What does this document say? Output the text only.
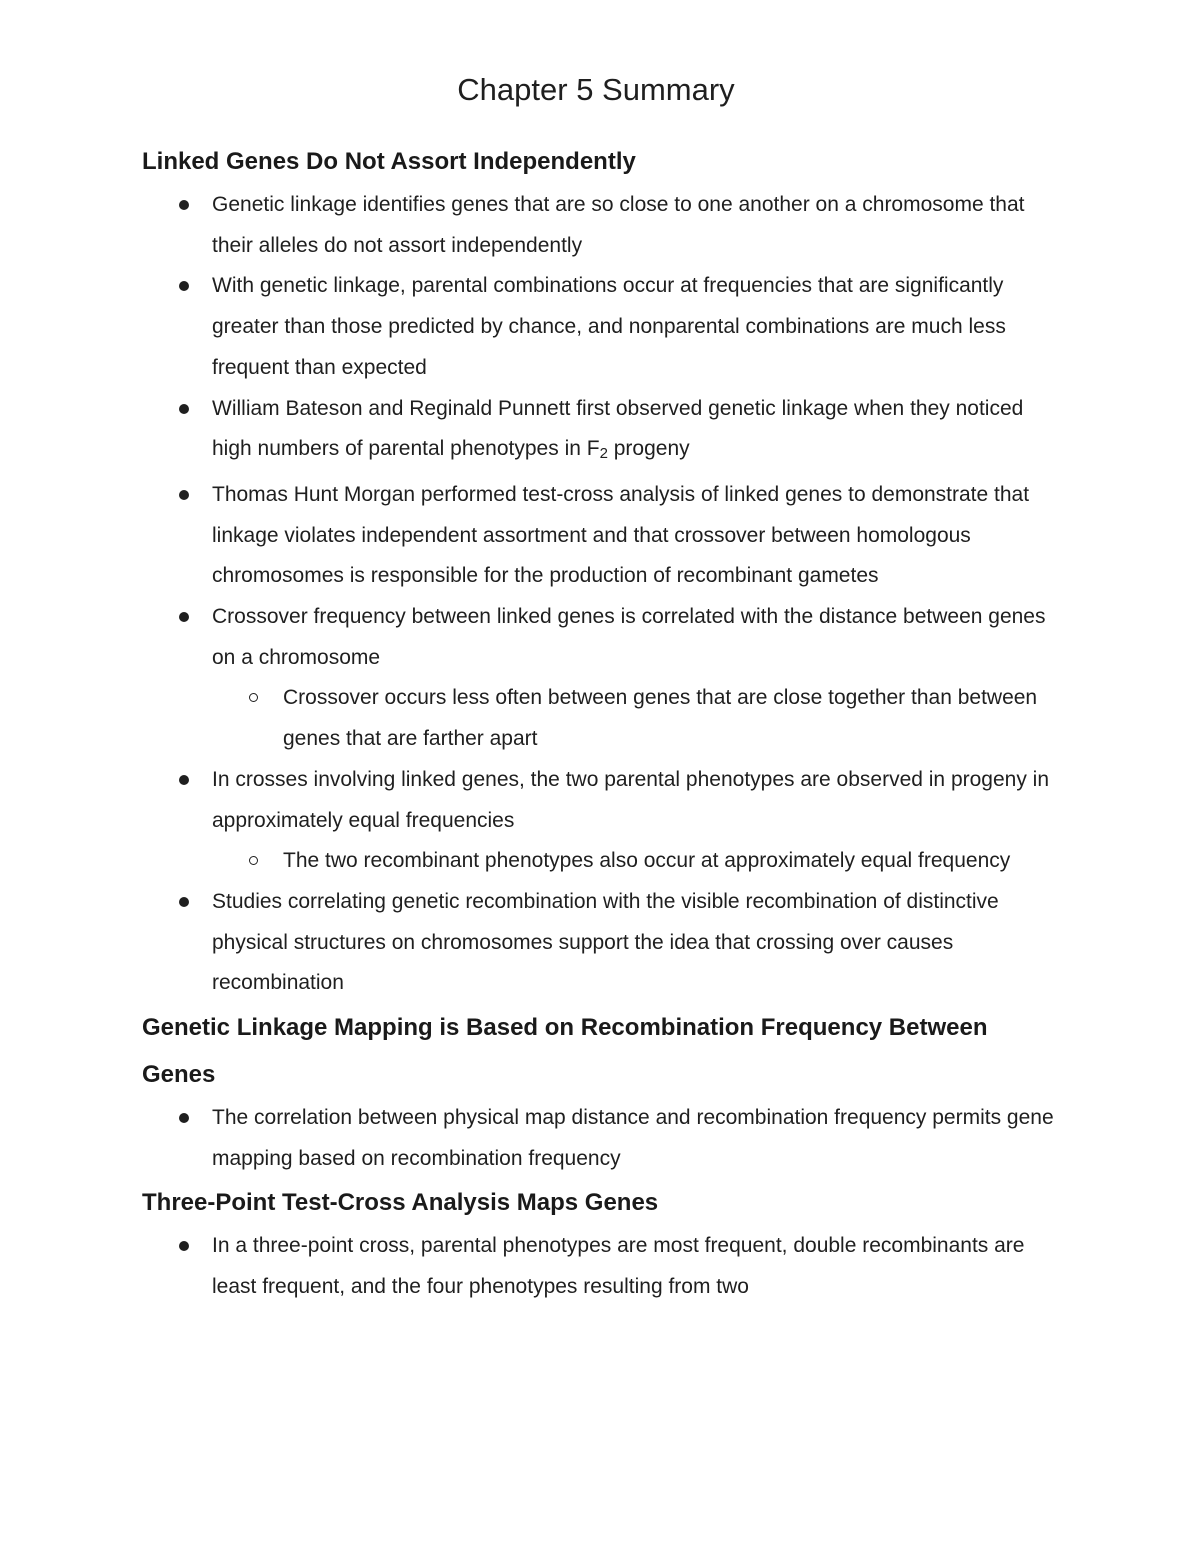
Chapter 5 Summary
Linked Genes Do Not Assort Independently
Genetic linkage identifies genes that are so close to one another on a chromosome that their alleles do not assort independently
With genetic linkage, parental combinations occur at frequencies that are significantly greater than those predicted by chance, and nonparental combinations are much less frequent than expected
William Bateson and Reginald Punnett first observed genetic linkage when they noticed high numbers of parental phenotypes in F2 progeny
Thomas Hunt Morgan performed test-cross analysis of linked genes to demonstrate that linkage violates independent assortment and that crossover between homologous chromosomes is responsible for the production of recombinant gametes
Crossover frequency between linked genes is correlated with the distance between genes on a chromosome
Crossover occurs less often between genes that are close together than between genes that are farther apart
In crosses involving linked genes, the two parental phenotypes are observed in progeny in approximately equal frequencies
The two recombinant phenotypes also occur at approximately equal frequency
Studies correlating genetic recombination with the visible recombination of distinctive physical structures on chromosomes support the idea that crossing over causes recombination
Genetic Linkage Mapping is Based on Recombination Frequency Between Genes
The correlation between physical map distance and recombination frequency permits gene mapping based on recombination frequency
Three-Point Test-Cross Analysis Maps Genes
In a three-point cross, parental phenotypes are most frequent, double recombinants are least frequent, and the four phenotypes resulting from two
